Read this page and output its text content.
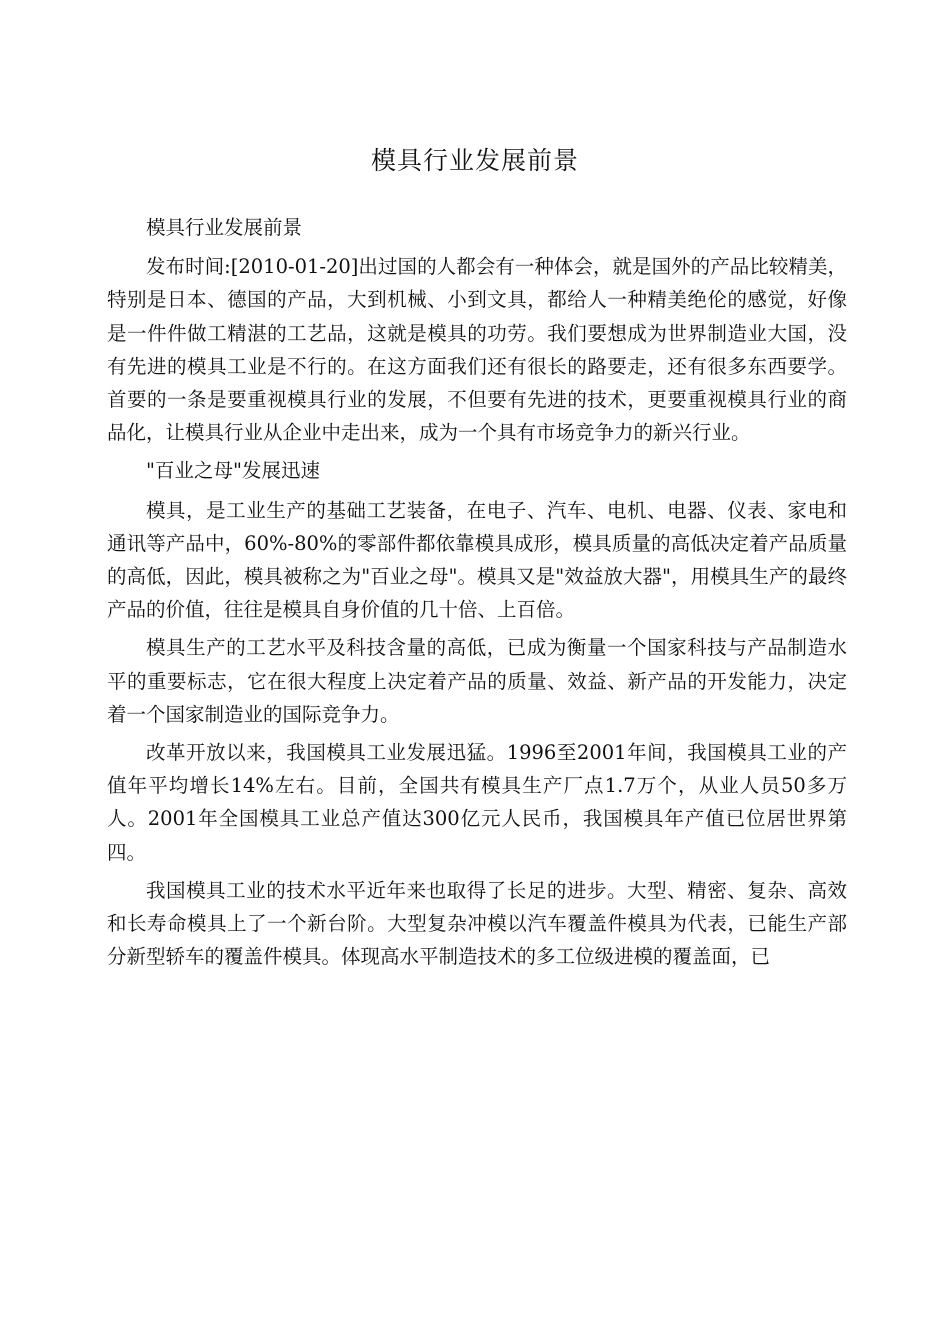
模具行业发展前景

模具行业发展前景

发布时间:[2010-01-20]出过国的人都会有一种体会，就是国外的产品比较精美，特别是日本、德国的产品，大到机械、小到文具，都给人一种精美绝伦的感觉，好像是一件件做工精湛的工艺品，这就是模具的功劳。我们要想成为世界制造业大国，没有先进的模具工业是不行的。在这方面我们还有很长的路要走，还有很多东西要学。首要的一条是要重视模具行业的发展，不但要有先进的技术，更要重视模具行业的商品化，让模具行业从企业中走出来，成为一个具有市场竞争力的新兴行业。

"百业之母"发展迅速

模具，是工业生产的基础工艺装备，在电子、汽车、电机、电器、仪表、家电和通讯等产品中，60%-80%的零部件都依靠模具成形，模具质量的高低决定着产品质量的高低，因此，模具被称之为"百业之母"。模具又是"效益放大器"，用模具生产的最终产品的价值，往往是模具自身价值的几十倍、上百倍。

模具生产的工艺水平及科技含量的高低，已成为衡量一个国家科技与产品制造水平的重要标志，它在很大程度上决定着产品的质量、效益、新产品的开发能力，决定着一个国家制造业的国际竞争力。

改革开放以来，我国模具工业发展迅猛。1996至2001年间，我国模具工业的产值年平均增长14%左右。目前，全国共有模具生产厂点1.7万个，从业人员50多万人。2001年全国模具工业总产值达300亿元人民币，我国模具年产值已位居世界第四。

我国模具工业的技术水平近年来也取得了长足的进步。大型、精密、复杂、高效和长寿命模具上了一个新台阶。大型复杂冲模以汽车覆盖件模具为代表，已能生产部分新型轿车的覆盖件模具。体现高水平制造技术的多工位级进模的覆盖面，已
